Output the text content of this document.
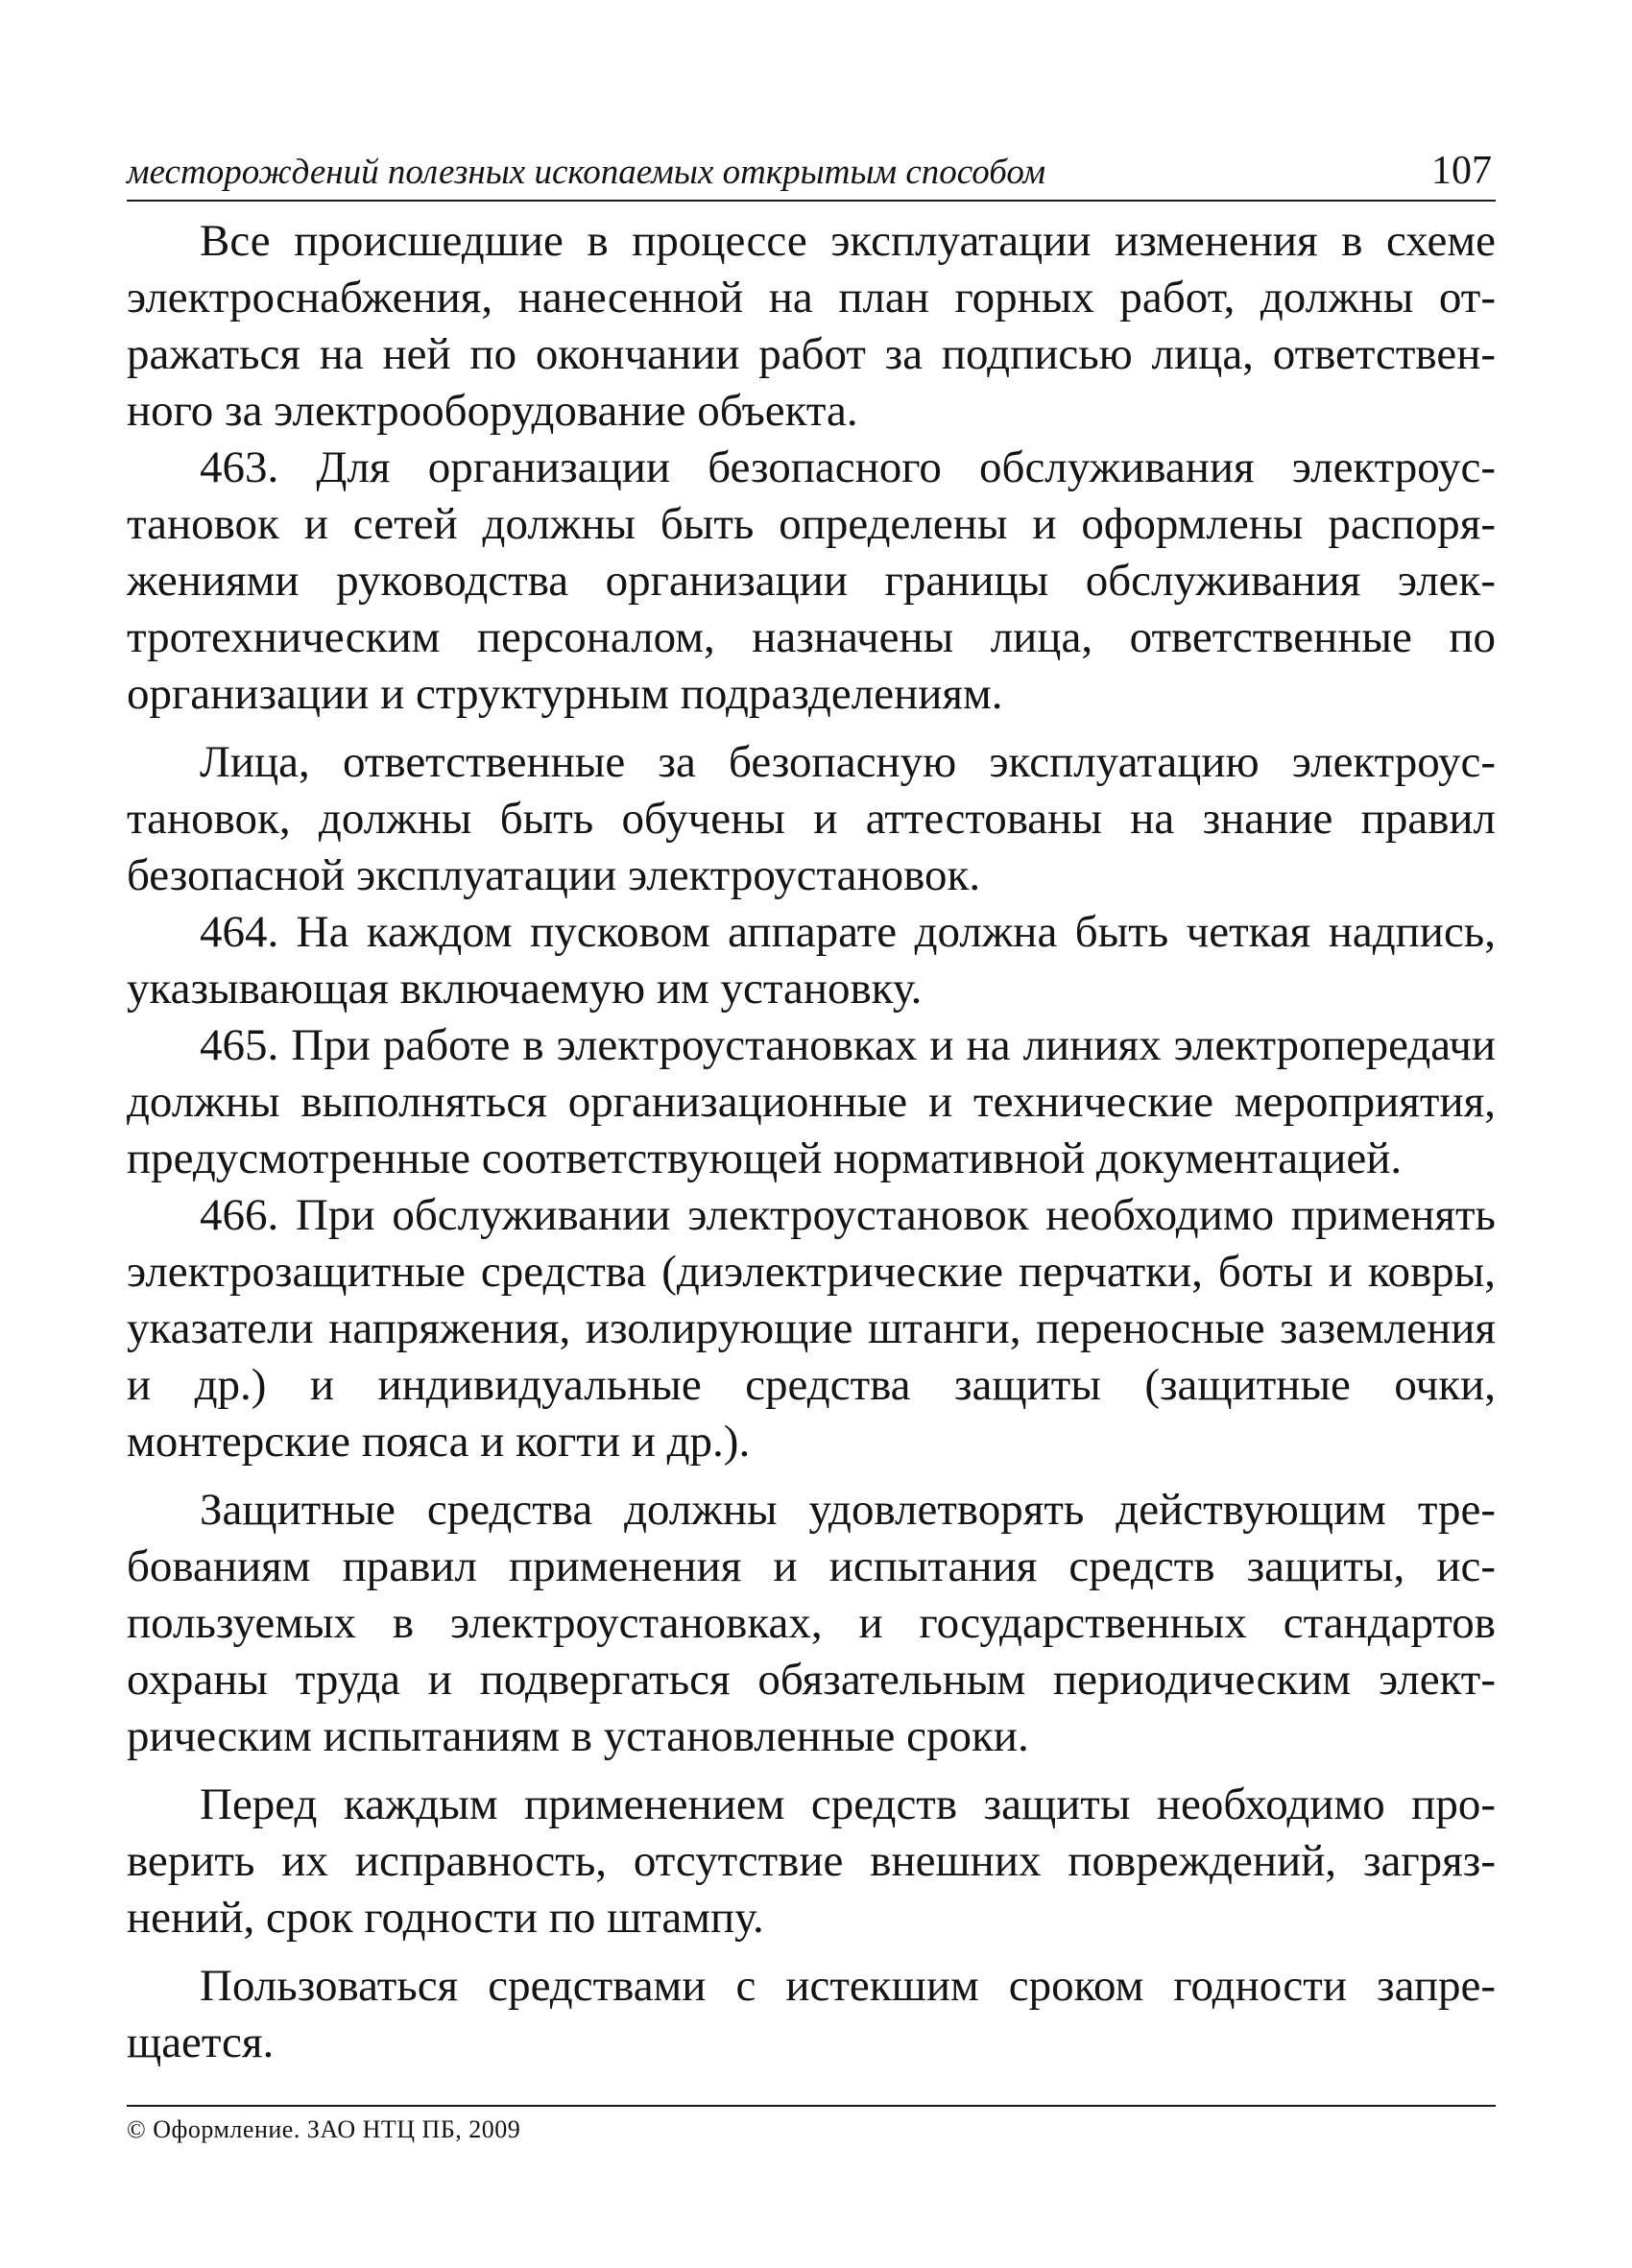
месторождений полезных ископаемых открытым способом	107

Все происшедшие в процессе эксплуатации изменения в схеме электроснабжения, нанесенной на план горных работ, должны отражаться на ней по окончании работ за подписью лица, ответственного за электрооборудование объекта.

463. Для организации безопасного обслуживания электроустановок и сетей должны быть определены и оформлены распоряжениями руководства организации границы обслуживания электротехническим персоналом, назначены лица, ответственные по организации и структурным подразделениям.

Лица, ответственные за безопасную эксплуатацию электроустановок, должны быть обучены и аттестованы на знание правил безопасной эксплуатации электроустановок.

464. На каждом пусковом аппарате должна быть четкая надпись, указывающая включаемую им установку.

465. При работе в электроустановках и на линиях электропередачи должны выполняться организационные и технические мероприятия, предусмотренные соответствующей нормативной документацией.

466. При обслуживании электроустановок необходимо применять электрозащитные средства (диэлектрические перчатки, боты и ковры, указатели напряжения, изолирующие штанги, переносные заземления и др.) и индивидуальные средства защиты (защитные очки, монтерские пояса и когти и др.).

Защитные средства должны удовлетворять действующим требованиям правил применения и испытания средств защиты, используемых в электроустановках, и государственных стандартов охраны труда и подвергаться обязательным периодическим электрическим испытаниям в установленные сроки.

Перед каждым применением средств защиты необходимо проверить их исправность, отсутствие внешних повреждений, загрязнений, срок годности по штампу.

Пользоваться средствами с истекшим сроком годности запрещается.

© Оформление. ЗАО НТЦ ПБ, 2009
